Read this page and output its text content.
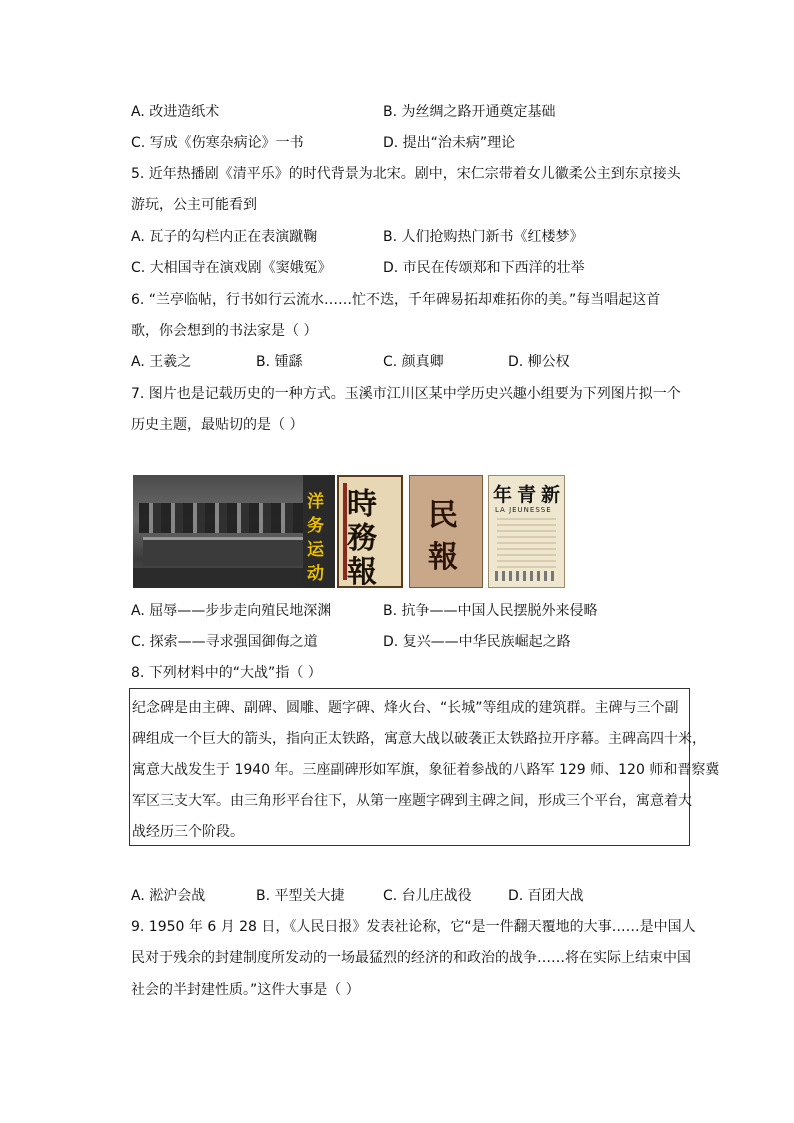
A. 改进造纸术	B. 为丝绸之路开通奠定基础
C. 写成《伤寒杂病论》一书	D. 提出“治未病”理论
5. 近年热播剧《清平乐》的时代背景为北宋。剧中，宋仁宗带着女儿徽柔公主到东京接头
游玩，公主可能看到
A. 瓦子的勾栏内正在表演蹴鞠	B. 人们抢购热门新书《红楼梦》
C. 大相国寺在演戏剧《窦娥冤》	D. 市民在传颂郑和下西洋的壮举
6. “兰亭临帖，行书如行云流水……忙不迭，千年碑易拓却难拓你的美。”每当唱起这首
歌，你会想到的书法家是（ ）
A. 王羲之	B. 锺繇	C. 颜真卿	D. 柳公权
7. 图片也是记载历史的一种方式。玉溪市江川区某中学历史兴趣小组要为下列图片拟一个
历史主题，最贴切的是（ ）
洋
务
运
动
時
務
報
民
報
新
青
年
LA JEUNESSE
A. 屈辱——步步走向殖民地深渊	B. 抗争——中国人民摆脱外来侵略
C. 探索——寻求强国御侮之道	D. 复兴——中华民族崛起之路
8. 下列材料中的“大战”指（ ）
纪念碑是由主碑、副碑、圆雕、题字碑、烽火台、“长城”等组成的建筑群。主碑与三个副
碑组成一个巨大的箭头，指向正太铁路，寓意大战以破袭正太铁路拉开序幕。主碑高四十米，
寓意大战发生于 1940 年。三座副碑形如军旗，象征着参战的八路军 129 师、120 师和晋察冀
军区三支大军。由三角形平台往下，从第一座题字碑到主碑之间，形成三个平台，寓意着大
战经历三个阶段。
A. 淞沪会战	B. 平型关大捷	C. 台儿庄战役	D. 百团大战
9. 1950 年 6 月 28 日，《人民日报》发表社论称，它“是一件翻天覆地的大事……是中国人
民对于残余的封建制度所发动的一场最猛烈的经济的和政治的战争……将在实际上结束中国
社会的半封建性质。”这件大事是（ ）
